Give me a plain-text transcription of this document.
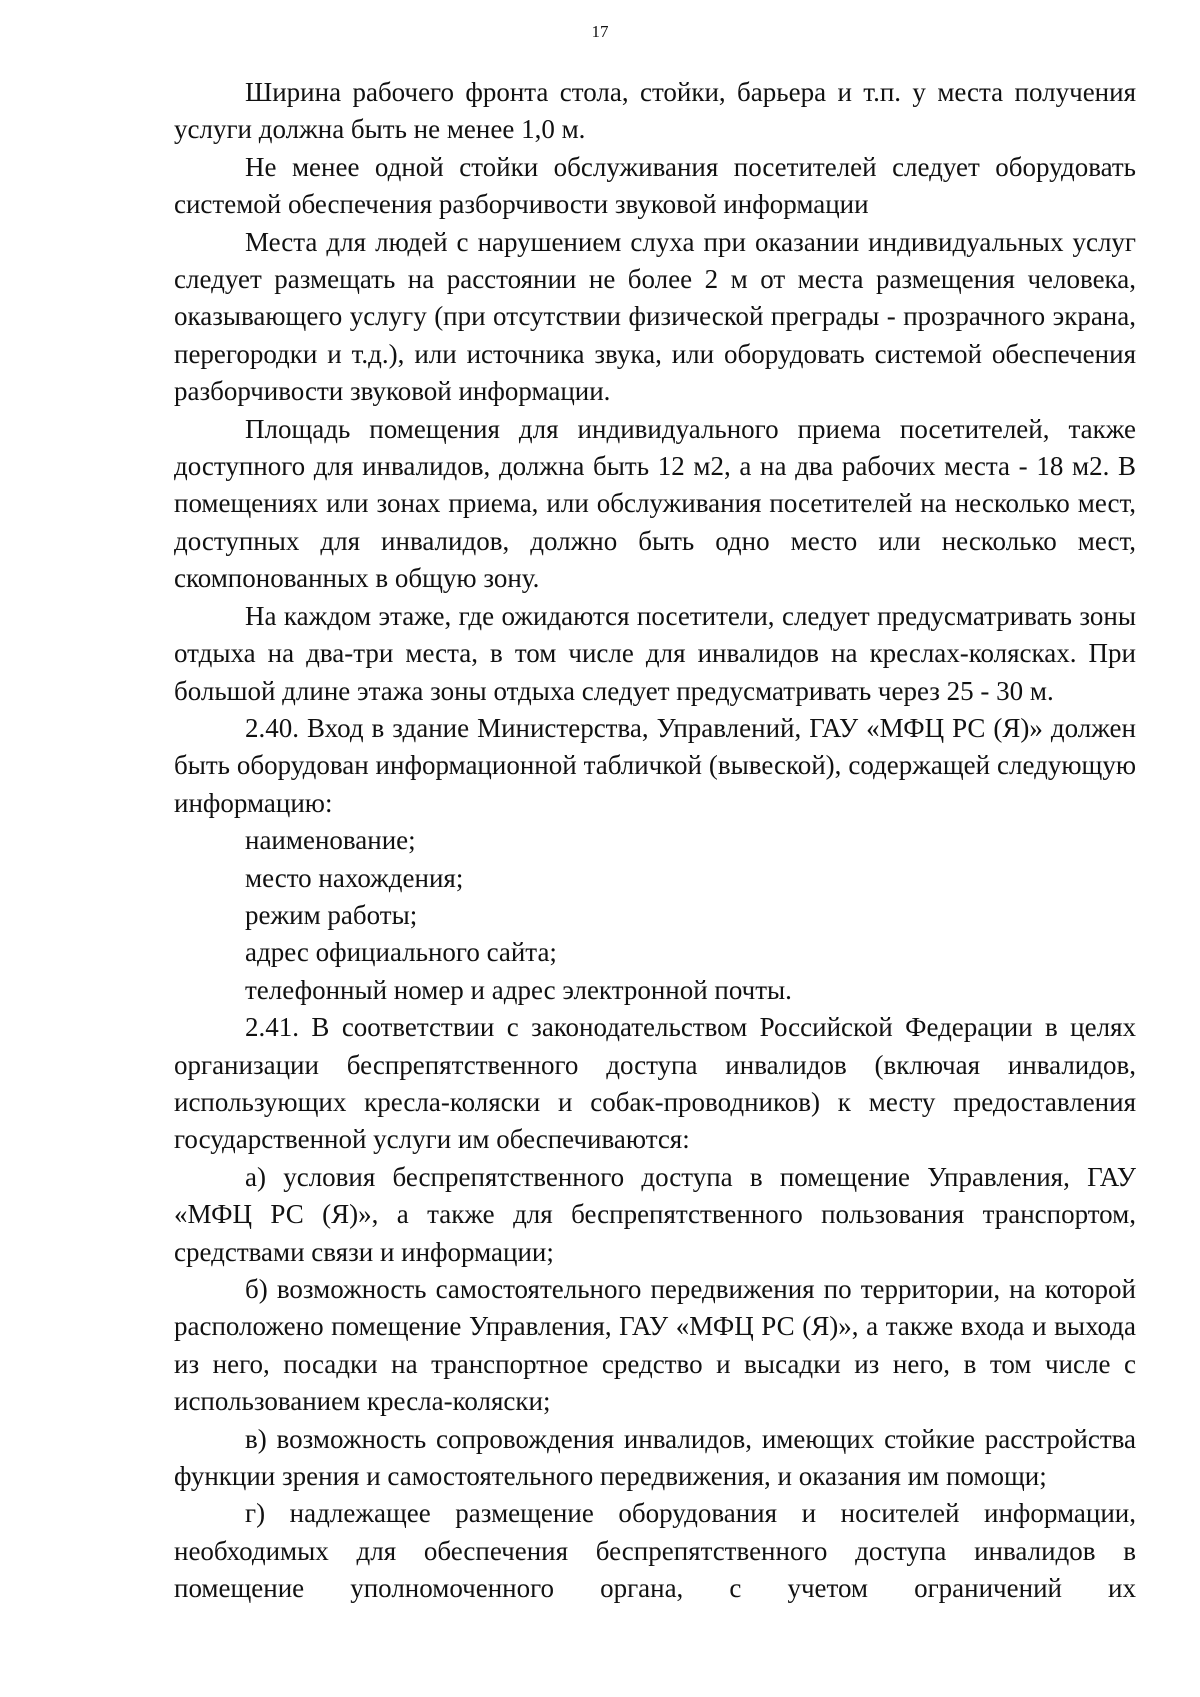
17

Ширина рабочего фронта стола, стойки, барьера и т.п. у места получения услуги должна быть не менее 1,0 м.

Не менее одной стойки обслуживания посетителей следует оборудовать системой обеспечения разборчивости звуковой информации

Места для людей с нарушением слуха при оказании индивидуальных услуг следует размещать на расстоянии не более 2 м от места размещения человека, оказывающего услугу (при отсутствии физической преграды - прозрачного экрана, перегородки и т.д.), или источника звука, или оборудовать системой обеспечения разборчивости звуковой информации.

Площадь помещения для индивидуального приема посетителей, также доступного для инвалидов, должна быть 12 м2, а на два рабочих места - 18 м2. В помещениях или зонах приема, или обслуживания посетителей на несколько мест, доступных для инвалидов, должно быть одно место или несколько мест, скомпонованных в общую зону.

На каждом этаже, где ожидаются посетители, следует предусматривать зоны отдыха на два-три места, в том числе для инвалидов на креслах-колясках. При большой длине этажа зоны отдыха следует предусматривать через 25 - 30 м.

2.40. Вход в здание Министерства, Управлений, ГАУ «МФЦ РС (Я)» должен быть оборудован информационной табличкой (вывеской), содержащей следующую информацию:

наименование;

место нахождения;

режим работы;

адрес официального сайта;

телефонный номер и адрес электронной почты.

2.41. В соответствии с законодательством Российской Федерации в целях организации беспрепятственного доступа инвалидов (включая инвалидов, использующих кресла-коляски и собак-проводников) к месту предоставления государственной услуги им обеспечиваются:

а) условия беспрепятственного доступа в помещение Управления, ГАУ «МФЦ РС (Я)», а также для беспрепятственного пользования транспортом, средствами связи и информации;

б) возможность самостоятельного передвижения по территории, на которой расположено помещение Управления, ГАУ «МФЦ РС (Я)», а также входа и выхода из него, посадки на транспортное средство и высадки из него, в том числе с использованием кресла-коляски;

в) возможность сопровождения инвалидов, имеющих стойкие расстройства функции зрения и самостоятельного передвижения, и оказания им помощи;

г) надлежащее размещение оборудования и носителей информации, необходимых для обеспечения беспрепятственного доступа инвалидов в помещение уполномоченного органа, с учетом ограничений их
